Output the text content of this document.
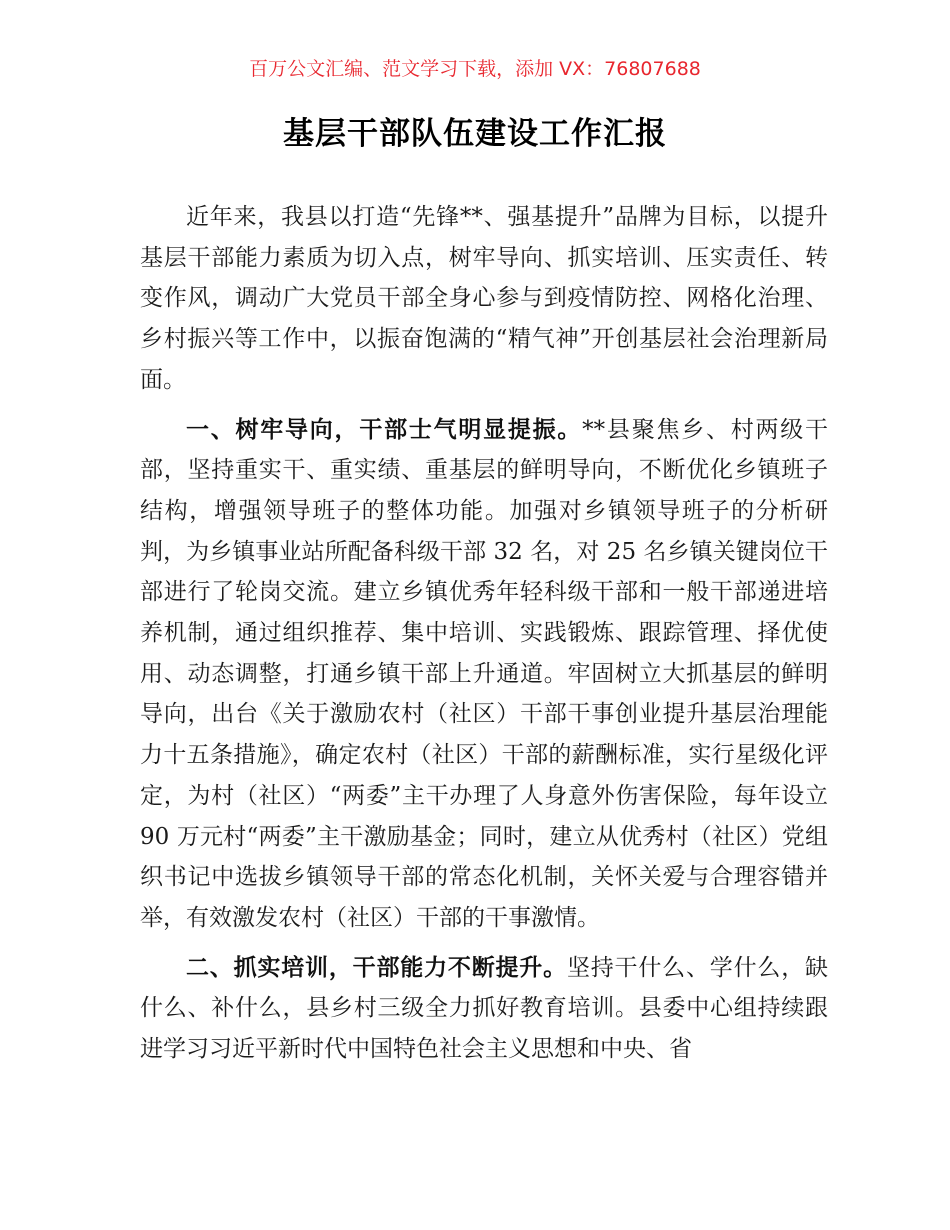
百万公文汇编、范文学习下载，添加 VX：76807688
基层干部队伍建设工作汇报

近年来，我县以打造“先锋**、强基提升”品牌为目标，以提升基层干部能力素质为切入点，树牢导向、抓实培训、压实责任、转变作风，调动广大党员干部全身心参与到疫情防控、网格化治理、乡村振兴等工作中，以振奋饱满的“精气神”开创基层社会治理新局面。

一、树牢导向，干部士气明显提振。**县聚焦乡、村两级干部，坚持重实干、重实绩、重基层的鲜明导向，不断优化乡镇班子结构，增强领导班子的整体功能。加强对乡镇领导班子的分析研判，为乡镇事业站所配备科级干部 32 名，对 25 名乡镇关键岗位干部进行了轮岗交流。建立乡镇优秀年轻科级干部和一般干部递进培养机制，通过组织推荐、集中培训、实践锻炼、跟踪管理、择优使用、动态调整，打通乡镇干部上升通道。牢固树立大抓基层的鲜明导向，出台《关于激励农村（社区）干部干事创业提升基层治理能力十五条措施》，确定农村（社区）干部的薪酬标准，实行星级化评定，为村（社区）“两委”主干办理了人身意外伤害保险，每年设立 90 万元村“两委”主干激励基金；同时，建立从优秀村（社区）党组织书记中选拔乡镇领导干部的常态化机制，关怀关爱与合理容错并举，有效激发农村（社区）干部的干事激情。

二、抓实培训，干部能力不断提升。坚持干什么、学什么，缺什么、补什么，县乡村三级全力抓好教育培训。县委中心组持续跟进学习习近平新时代中国特色社会主义思想和中央、省
